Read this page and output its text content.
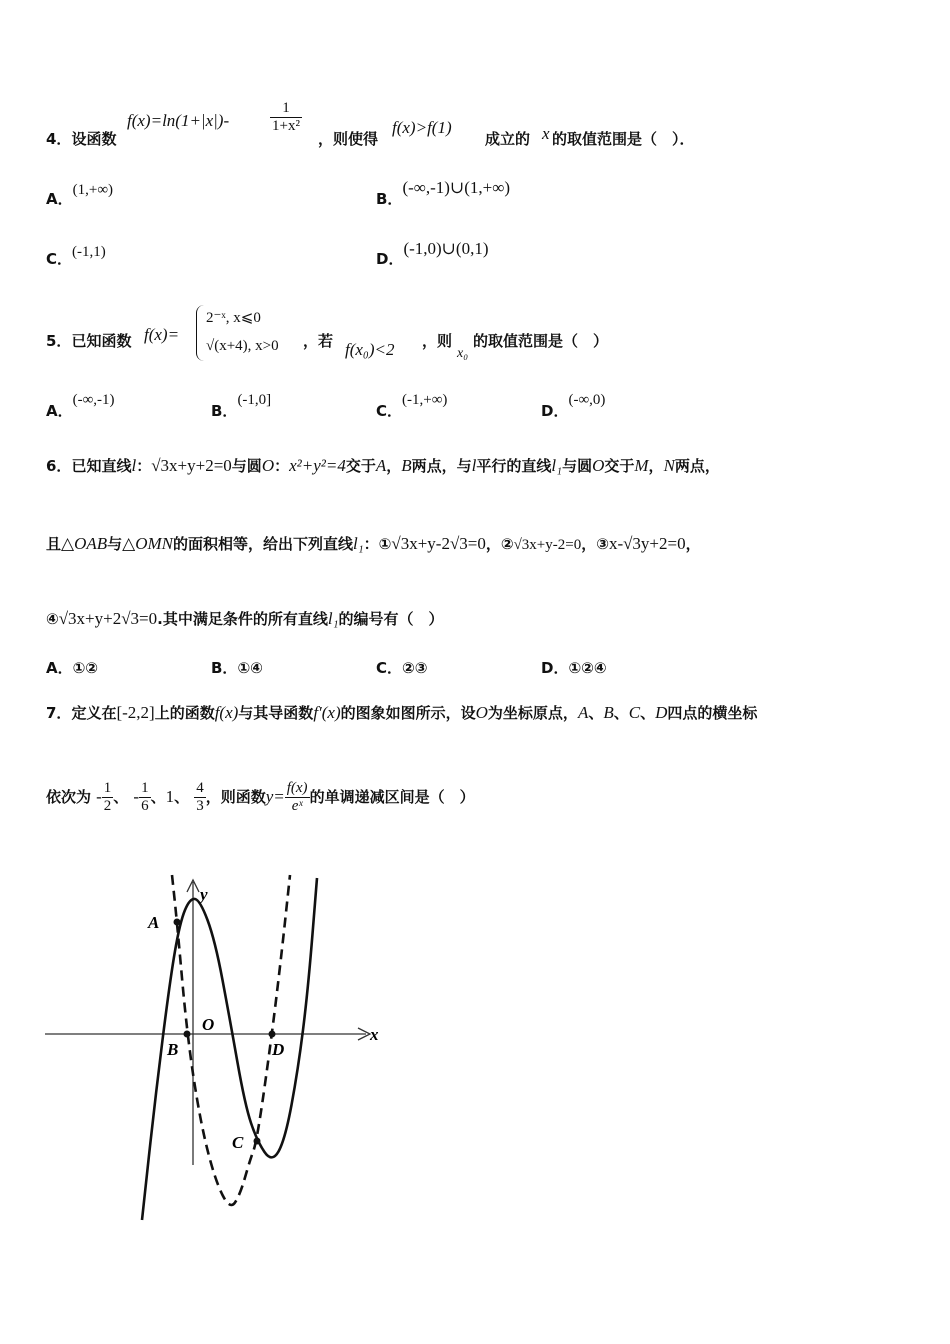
4．设函数
f(x)=ln(1+|x|)-	$\frac{1}{\text{1+x²}}$
，则使得
f(x)>f(1)
成立的 x 的取值范围是（　）．
A．(1,+∞)	B．(-∞,-1)∪(1,+∞)
C．(-1,1)	D．(-1,0)∪(0,1)
5．已知函数 f(x)=
2⁻ˣ, x⩽0
√(x+4), x>0 ，若 f(x₀)<2 ，则
x₀
的取值范围是（　）
A．(-∞,-1)
B．(-1,0]
C．(-1,+∞)
D．(-∞,0)
6．已知直线l：√3x+y+2=0与圆O：x²+y²=4交于A，B两点，与l平行的直线l₁与圆O交于M，N两点，
且△OAB与△OMN的面积相等，给出下列直线l₁：①√3x+y-2√3=0，②√3x+y-2=0，③x-√3y+2=0，
④√3x+y+2√3=0.其中满足条件的所有直线l₁的编号有（　）
A．①②	B．①④	C．②③	D．①②④
7．定义在[-2,2]上的函数f(x)与其导函数f′(x)的图象如图所示，设O为坐标原点，A、B、C、D四点的横坐标
依次为 - $\frac{1}{2}$ 、 - $\frac{1}{6}$ 、1、 $\frac{4}{3}$ ，则函数$y= \frac{f(x)}{\text{eˣ}}$ 的单调递减区间是（　）
x
y
O
A
B
C
D
